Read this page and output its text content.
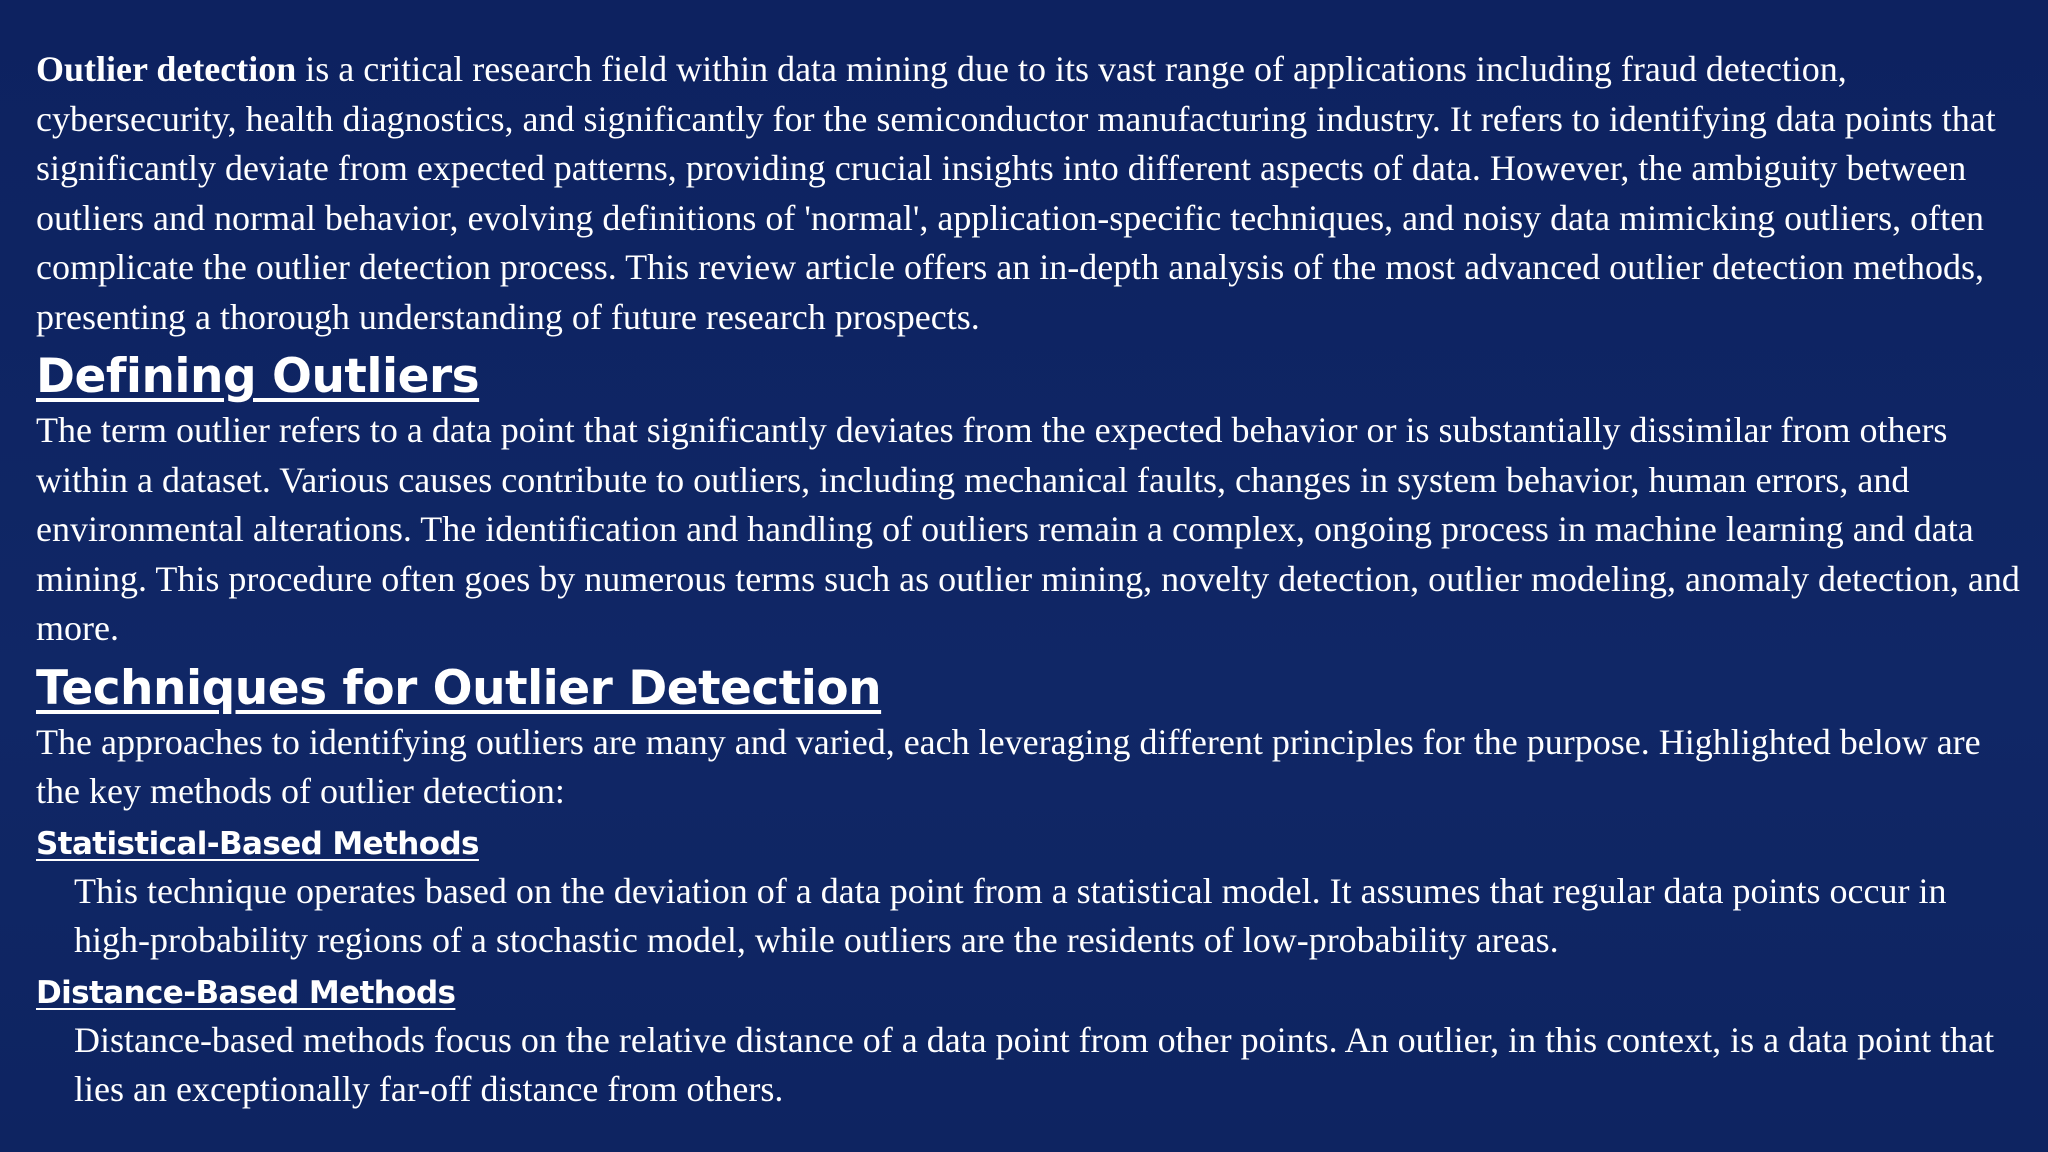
Outlier detection is a critical research field within data mining due to its vast range of applications including fraud detection, cybersecurity, health diagnostics, and significantly for the semiconductor manufacturing industry. It refers to identifying data points that significantly deviate from expected patterns, providing crucial insights into different aspects of data. However, the ambiguity between outliers and normal behavior, evolving definitions of 'normal', application-specific techniques, and noisy data mimicking outliers, often complicate the outlier detection process. This review article offers an in-depth analysis of the most advanced outlier detection methods, presenting a thorough understanding of future research prospects.

Defining Outliers

The term outlier refers to a data point that significantly deviates from the expected behavior or is substantially dissimilar from others within a dataset. Various causes contribute to outliers, including mechanical faults, changes in system behavior, human errors, and environmental alterations. The identification and handling of outliers remain a complex, ongoing process in machine learning and data mining. This procedure often goes by numerous terms such as outlier mining, novelty detection, outlier modeling, anomaly detection, and more.

Techniques for Outlier Detection

The approaches to identifying outliers are many and varied, each leveraging different principles for the purpose. Highlighted below are the key methods of outlier detection:

Statistical-Based Methods

This technique operates based on the deviation of a data point from a statistical model. It assumes that regular data points occur in high-probability regions of a stochastic model, while outliers are the residents of low-probability areas.

Distance-Based Methods

Distance-based methods focus on the relative distance of a data point from other points. An outlier, in this context, is a data point that lies an exceptionally far-off distance from others.
